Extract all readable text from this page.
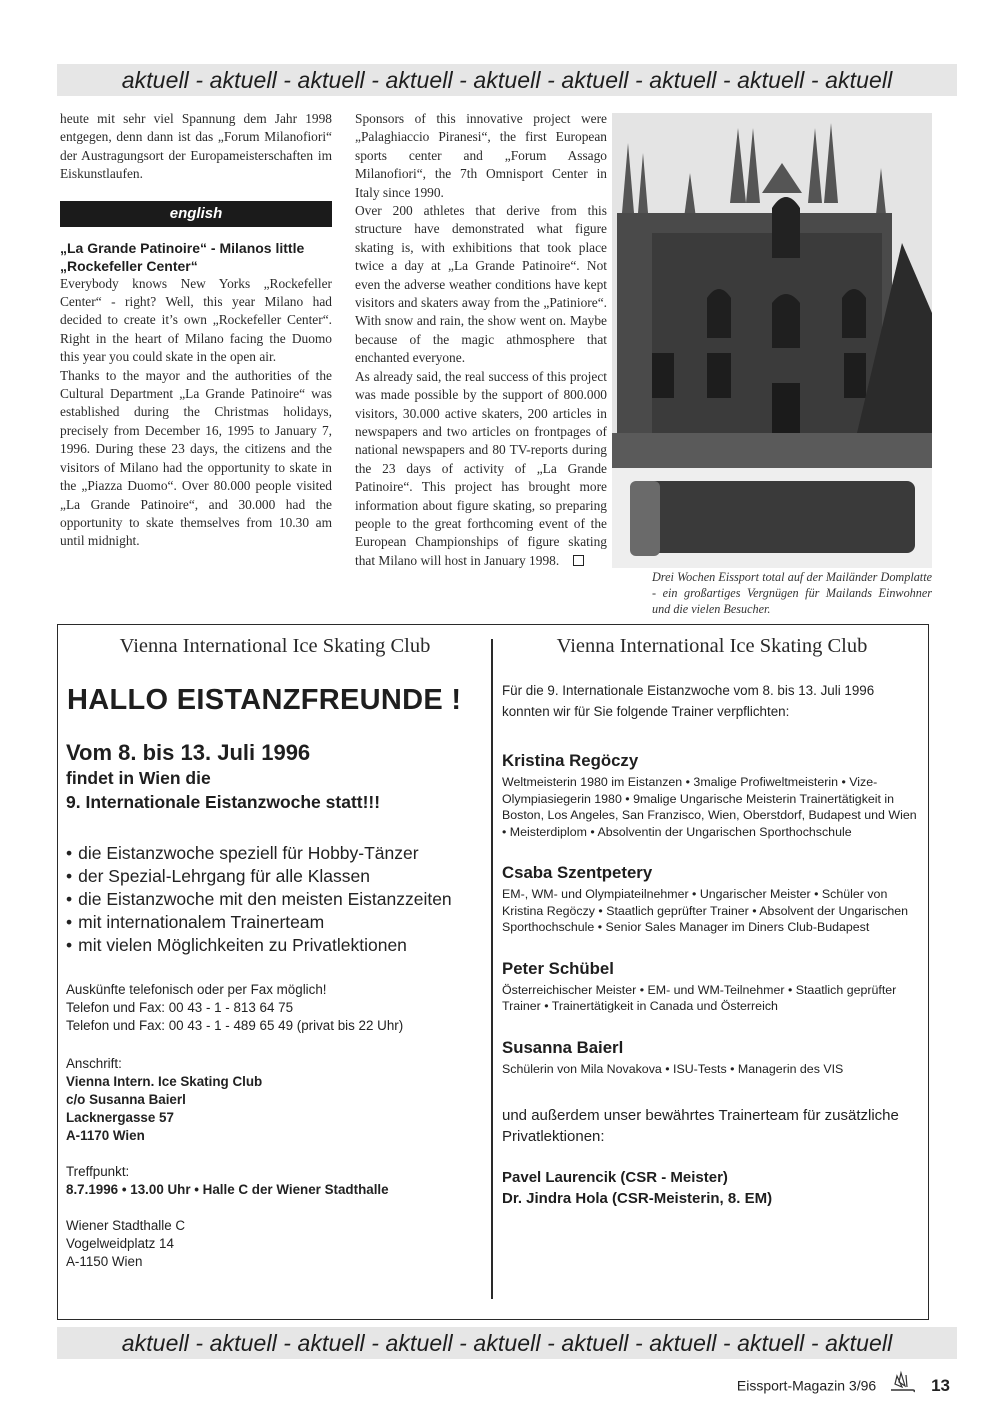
aktuell - aktuell - aktuell - aktuell - aktuell - aktuell - aktuell - aktuell - aktuell

heute mit sehr viel Spannung dem Jahr 1998 entgegen, denn dann ist das „Forum Milanofiori“ der Austragungsort der Europameisterschaften im Eiskunstlaufen.

english
„La Grande Patinoire“ - Milanos little
„Rockefeller Center“

Everybody knows New Yorks „Rockefeller Center“ - right? Well, this year Milano had decided to create it’s own „Rockefeller Center“. Right in the heart of Milano facing the Duomo this year you could skate in the open air.

Thanks to the mayor and the authorities of the Cultural Department „La Grande Patinoire“ was established during the Christmas holidays, precisely from December 16, 1995 to January 7, 1996. During these 23 days, the citizens and the visitors of Milano had the opportunity to skate in the „Piazza Duomo“. Over 80.000 people visited „La Grande Patinoire“, and 30.000 had the opportunity to skate themselves from 10.30 am until midnight.

Sponsors of this innovative project were „Palaghiaccio Piranesi“, the first European sports center and „Forum Assago Milanofiori“, the 7th Omnisport Center in Italy since 1990.

Over 200 athletes that derive from this structure have demonstrated what figure skating is, with exhibitions that took place twice a day at „La Grande Patinoire“. Not even the adverse weather conditions have kept visitors and skaters away from the „Patiniore“. With snow and rain, the show went on. Maybe because of the magic athmosphere that enchanted everyone.

As already said, the real success of this project was made possible by the support of 800.000 visitors, 30.000 active skaters, 200 articles in newspapers and two articles on frontpages of national newspapers and 80 TV-reports during the 23 days of activity of „La Grande Patinoire“. This project has brought more information about figure skating, so preparing people to the great forthcoming event of the European Championships of figure skating that Milano will host in January 1998.

Drei Wochen Eissport total auf der Mailänder Domplatte - ein großartiges Vergnügen für Mailands Einwohner und die vielen Besucher.
Vienna International Ice Skating Club
HALLO EISTANZFREUNDE !
Vom 8. bis 13. Juli 1996
findet in Wien die
9. Internationale Eistanzwoche statt!!!
• die Eistanzwoche speziell für Hobby-Tänzer
• der Spezial-Lehrgang für alle Klassen
• die Eistanzwoche mit den meisten Eistanzzeiten
• mit internationalem Trainerteam
• mit vielen Möglichkeiten zu Privatlektionen
Auskünfte telefonisch oder per Fax möglich!
Telefon und Fax: 00 43 - 1 - 813 64 75
Telefon und Fax: 00 43 - 1 - 489 65 49 (privat bis 22 Uhr)
Anschrift:
Vienna Intern. Ice Skating Club
c/o Susanna Baierl
Lacknergasse 57
A-1170 Wien
Treffpunkt:
8.7.1996 • 13.00 Uhr • Halle C der Wiener Stadthalle
Wiener Stadthalle C
Vogelweidplatz 14
A-1150 Wien
Vienna International Ice Skating Club
Für die 9. Internationale Eistanzwoche vom 8. bis 13. Juli 1996 konnten wir für Sie folgende Trainer verpflichten:
Kristina Regöczy
Weltmeisterin 1980 im Eistanzen • 3malige Profiweltmeisterin • Vize-Olympiasiegerin 1980 • 9malige Ungarische Meisterin Trainertätigkeit in Boston, Los Angeles, San Franzisco, Wien, Oberstdorf, Budapest und Wien • Meisterdiplom • Absolventin der Ungarischen Sporthochschule
Csaba Szentpetery
EM-, WM- und Olympiateilnehmer • Ungarischer Meister • Schüler von Kristina Regöczy • Staatlich geprüfter Trainer • Absolvent der Ungarischen Sporthochschule • Senior Sales Manager im Diners Club-Budapest
Peter Schübel
Österreichischer Meister • EM- und WM-Teilnehmer • Staatlich geprüfter Trainer • Trainertätigkeit in Canada und Österreich
Susanna Baierl
Schülerin von Mila Novakova • ISU-Tests • Managerin des VIS
und außerdem unser bewährtes Trainerteam für zusätzliche Privatlektionen:
Pavel Laurencik (CSR - Meister)
Dr. Jindra Hola (CSR-Meisterin, 8. EM)
aktuell - aktuell - aktuell - aktuell - aktuell - aktuell - aktuell - aktuell - aktuell
Eissport-Magazin 3/96	13
